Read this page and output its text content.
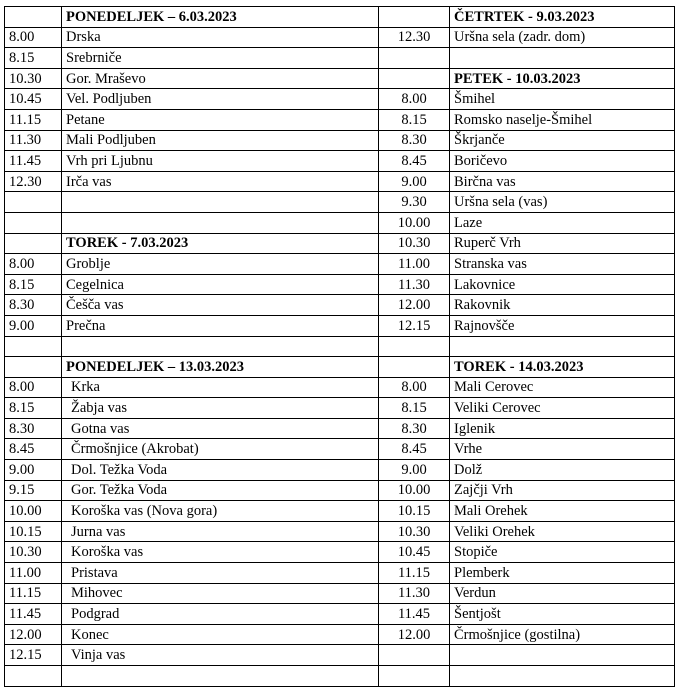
	PONEDELJEK – 6.03.2023		ČETRTEK - 9.03.2023
8.00	Drska	12.30	Uršna sela (zadr. dom)
8.15	Srebrniče		
10.30	Gor. Mraševo		PETEK - 10.03.2023
10.45	Vel. Podljuben	8.00	Šmihel
11.15	Petane	8.15	Romsko naselje-Šmihel
11.30	Mali Podljuben	8.30	Škrjanče
11.45	Vrh pri Ljubnu	8.45	Boričevo
12.30	Irča vas	9.00	Birčna vas
		9.30	Uršna sela (vas)
		10.00	Laze
	TOREK - 7.03.2023	10.30	Ruperč Vrh
8.00	Groblje	11.00	Stranska vas
8.15	Cegelnica	11.30	Lakovnice
8.30	Češča vas	12.00	Rakovnik
9.00	Prečna	12.15	Rajnovšče

	PONEDELJEK – 13.03.2023		TOREK - 14.03.2023
8.00	Krka	8.00	Mali Cerovec
8.15	Žabja vas	8.15	Veliki Cerovec
8.30	Gotna vas	8.30	Iglenik
8.45	Črmošnjice (Akrobat)	8.45	Vrhe
9.00	Dol. Težka Voda	9.00	Dolž
9.15	Gor. Težka Voda	10.00	Zajčji Vrh
10.00	Koroška vas (Nova gora)	10.15	Mali Orehek
10.15	Jurna vas	10.30	Veliki Orehek
10.30	Koroška vas	10.45	Stopiče
11.00	Pristava	11.15	Plemberk
11.15	Mihovec	11.30	Verdun
11.45	Podgrad	11.45	Šentjošt
12.00	Konec	12.00	Črmošnjice (gostilna)
12.15	Vinja vas		
